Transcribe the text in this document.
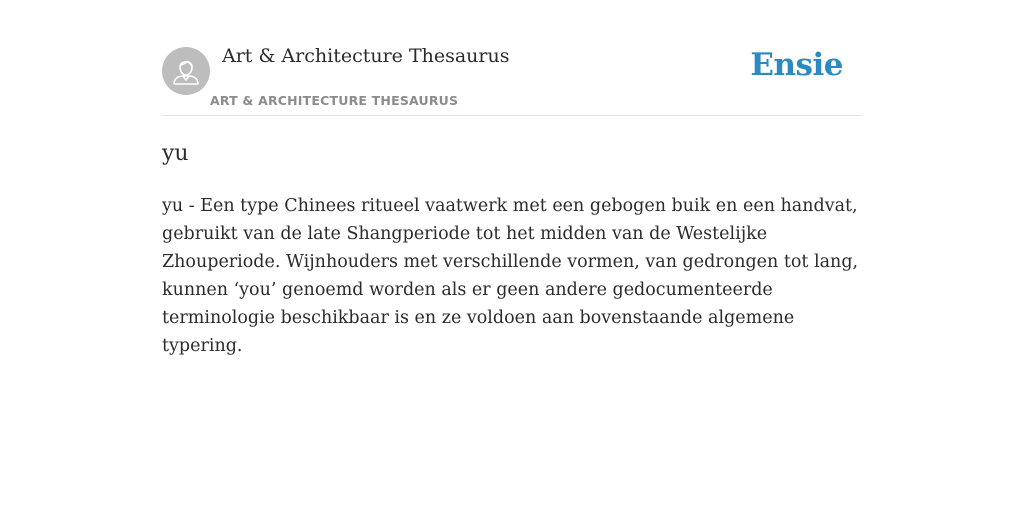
Art & Architecture Thesaurus
ART & ARCHITECTURE THESAURUS
Ensie
yu

yu - Een type Chinees ritueel vaatwerk met een gebogen buik en een handvat, gebruikt van de late Shangperiode tot het midden van de Westelijke Zhouperiode. Wijnhouders met verschillende vormen, van gedrongen tot lang, kunnen ‘you’ genoemd worden als er geen andere gedocumenteerde terminologie beschikbaar is en ze voldoen aan bovenstaande algemene typering.
